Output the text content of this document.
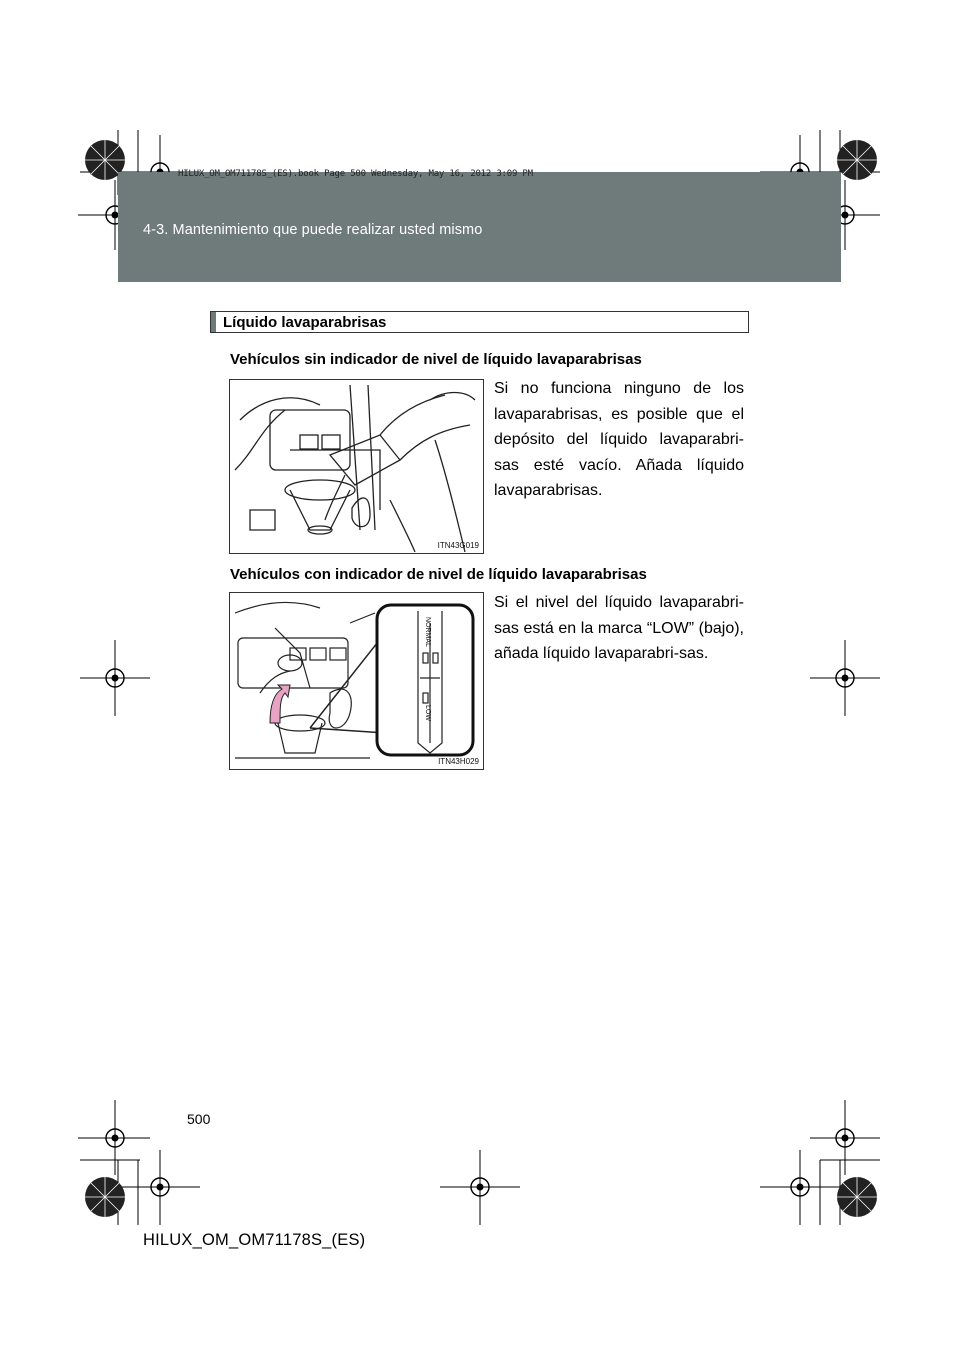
HILUX_OM_OM71178S_(ES).book Page 500 Wednesday, May 16, 2012 3:09 PM
4-3. Mantenimiento que puede realizar usted mismo
Líquido lavaparabrisas
Vehículos sin indicador de nivel de líquido lavaparabrisas
ITN43G019
Si no funciona ninguno de los lavaparabrisas, es posible que el depósito del líquido lavaparabri-sas esté vacío. Añada líquido lavaparabrisas.
Vehículos con indicador de nivel de líquido lavaparabrisas
NORMAL
LOW
ITN43H029
Si el nivel del líquido lavaparabri-sas está en la marca “LOW” (bajo), añada líquido lavaparabri-sas.
500
HILUX_OM_OM71178S_(ES)
